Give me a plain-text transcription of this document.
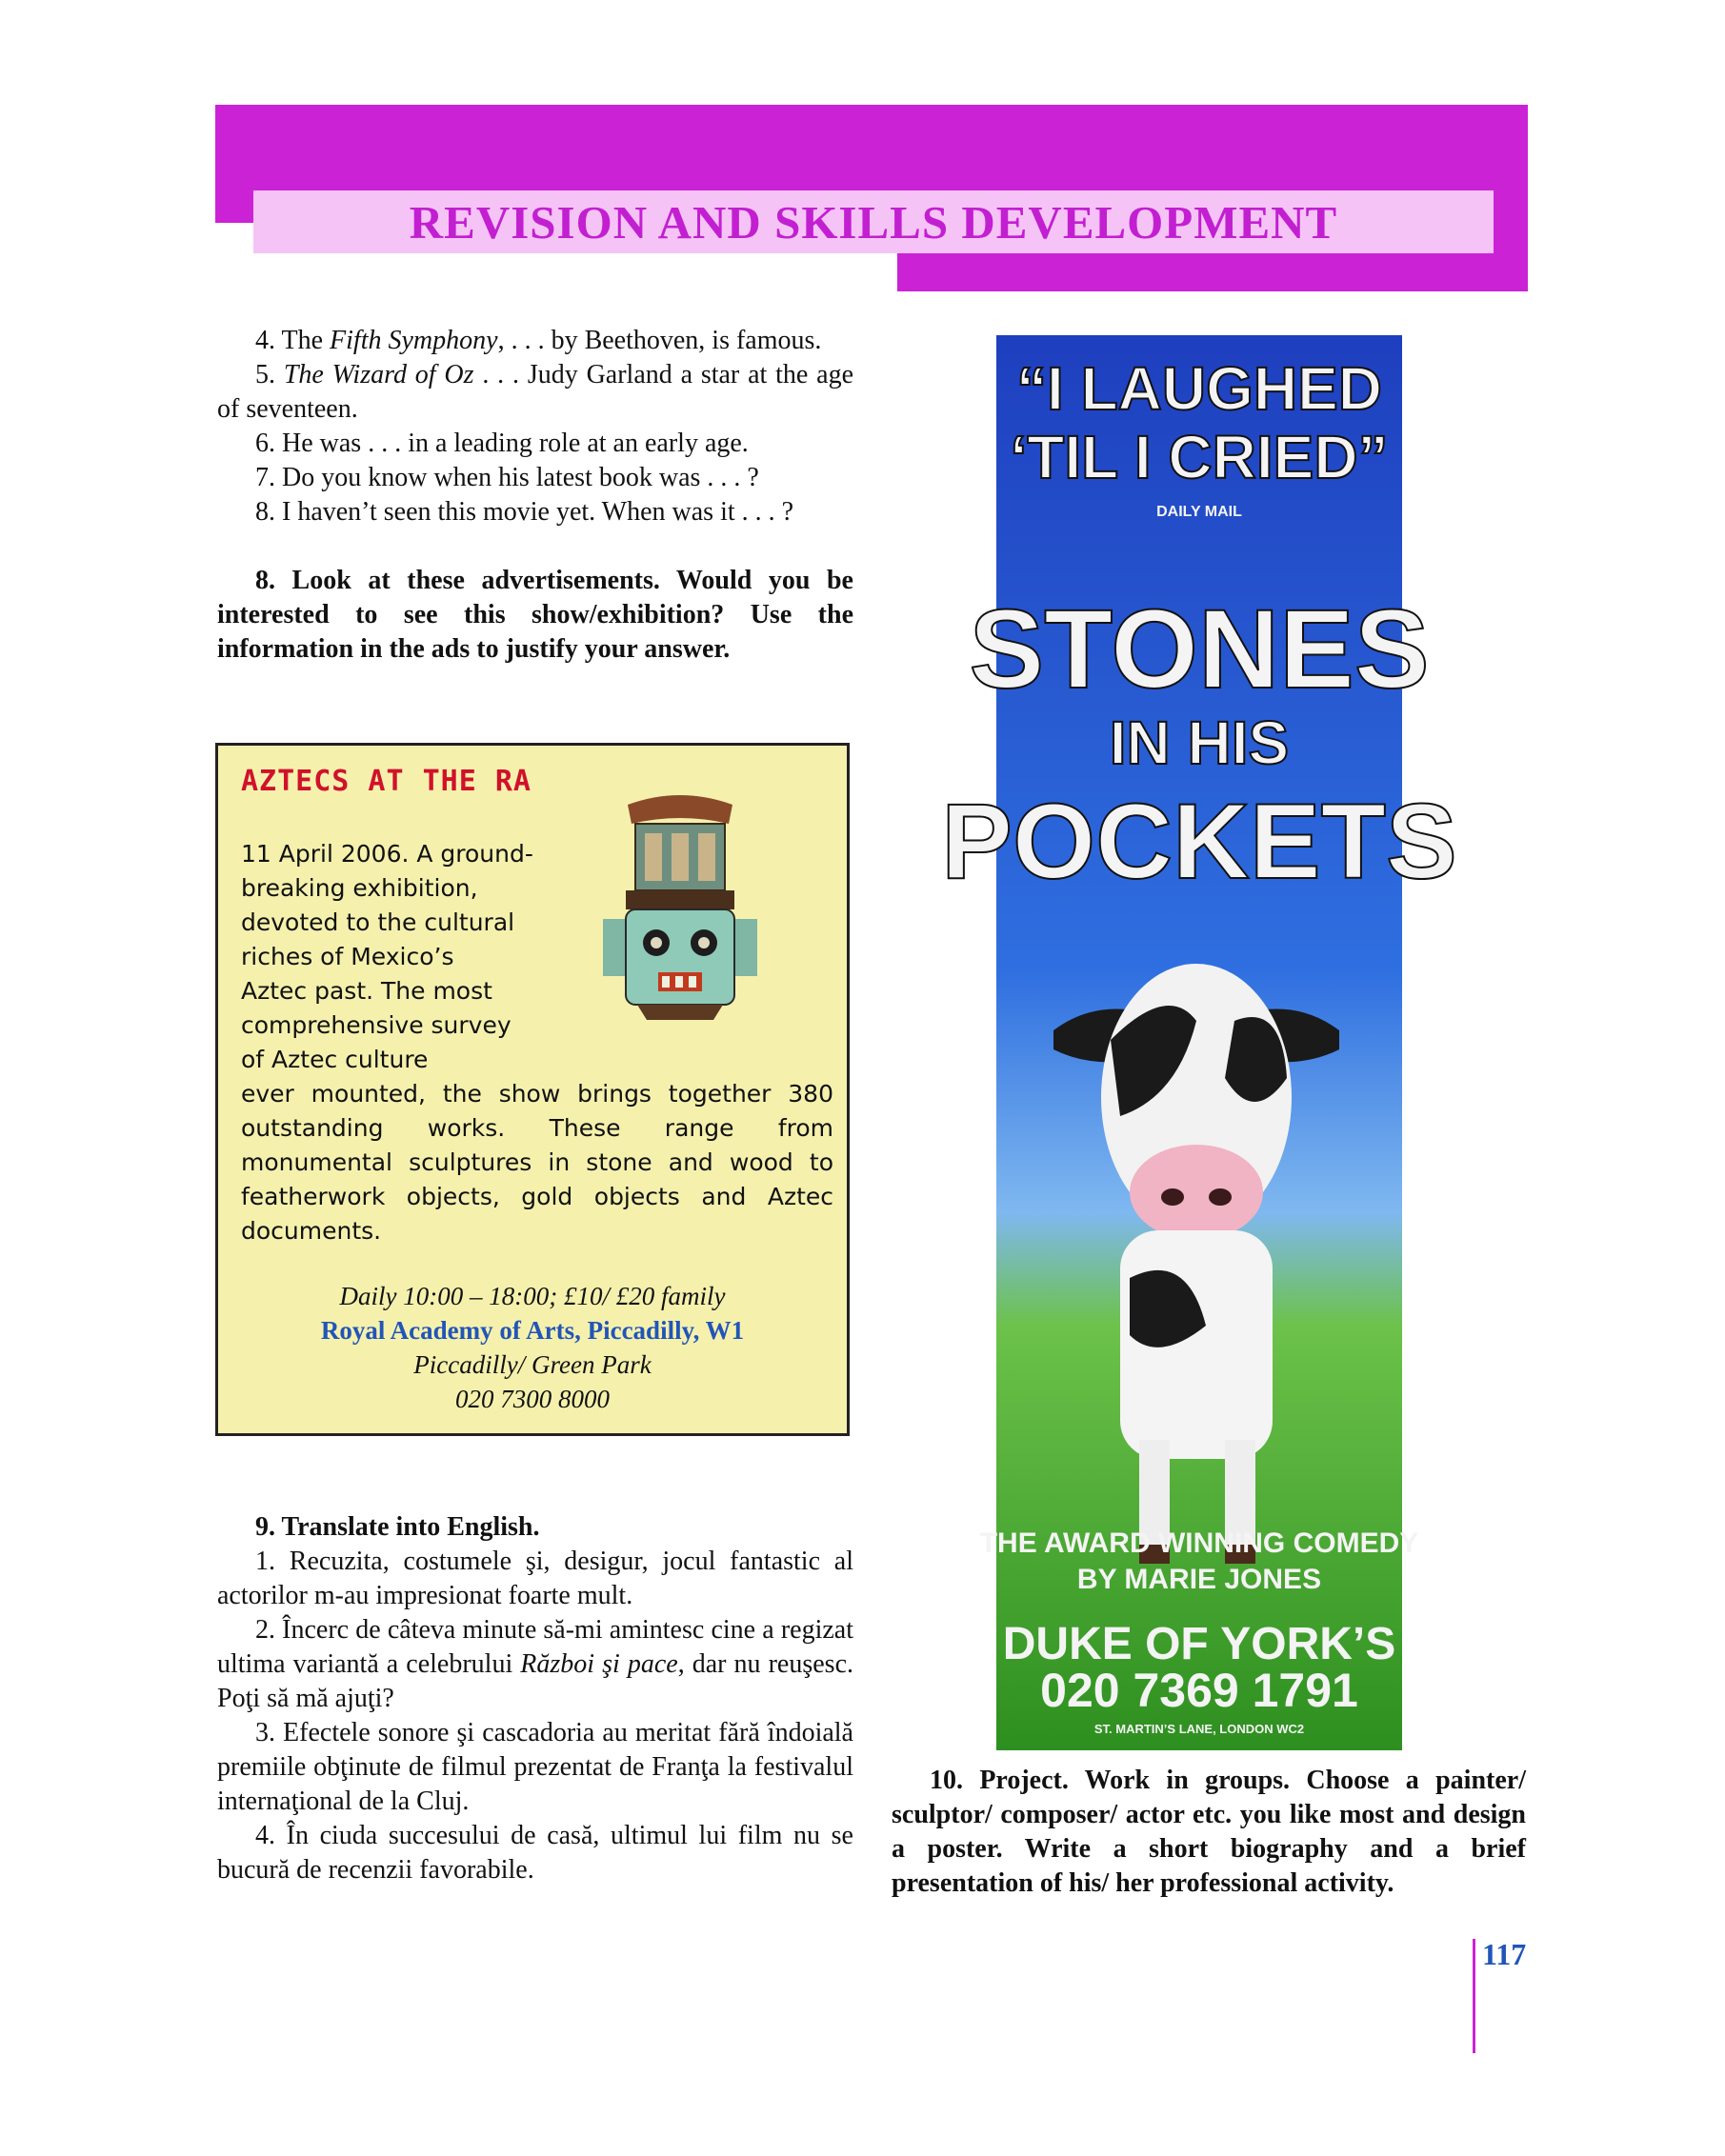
REVISION AND SKILLS DEVELOPMENT

4. The Fifth Symphony, . . . by Beethoven, is famous.

5. The Wizard of Oz . . . Judy Garland a star at the age of seventeen.

6. He was . . . in a leading role at an early age.

7. Do you know when his latest book was . . . ?

8. I haven’t seen this movie yet. When was it . . . ?

8. Look at these advertisements. Would you be interested to see this show/exhibition? Use the information in the ads to justify your answer.

AZTECS AT THE RA
11 April 2006. A ground-
breaking exhibition,
devoted to the cultural
riches of Mexico’s
Aztec past. The most
comprehensive survey
of Aztec culture
ever mounted, the show brings together 380 outstanding works. These range from monumental sculptures in stone and wood to featherwork objects, gold objects and Aztec documents.
Daily 10:00 – 18:00; £10/ £20 family
Royal Academy of Arts, Piccadilly, W1
Piccadilly/ Green Park
020 7300 8000

9. Translate into English.

1. Recuzita, costumele şi, desigur, jocul fantastic al actorilor m-au impresionat foarte mult.

2. Încerc de câteva minute să-mi amintesc cine a regizat ultima variantă a celebrului Război şi pace, dar nu reuşesc. Poţi să mă ajuţi?

3. Efectele sonore şi cascadoria au meritat fără îndoială premiile obţinute de filmul prezentat de Franţa la festivalul internaţional de la Cluj.

4. În ciuda succesului de casă, ultimul lui film nu se bucură de recenzii favorabile.

“I LAUGHED
‘TIL I CRIED”
DAILY MAIL
STONES
IN HIS
POCKETS
THE AWARD WINNING COMEDY
BY MARIE JONES
DUKE OF YORK’S
020 7369 1791
ST. MARTIN’S LANE, LONDON WC2

10. Project. Work in groups. Choose a painter/ sculptor/ composer/ actor etc. you like most and design a poster. Write a short biography and a brief presentation of his/ her professional activity.

117
